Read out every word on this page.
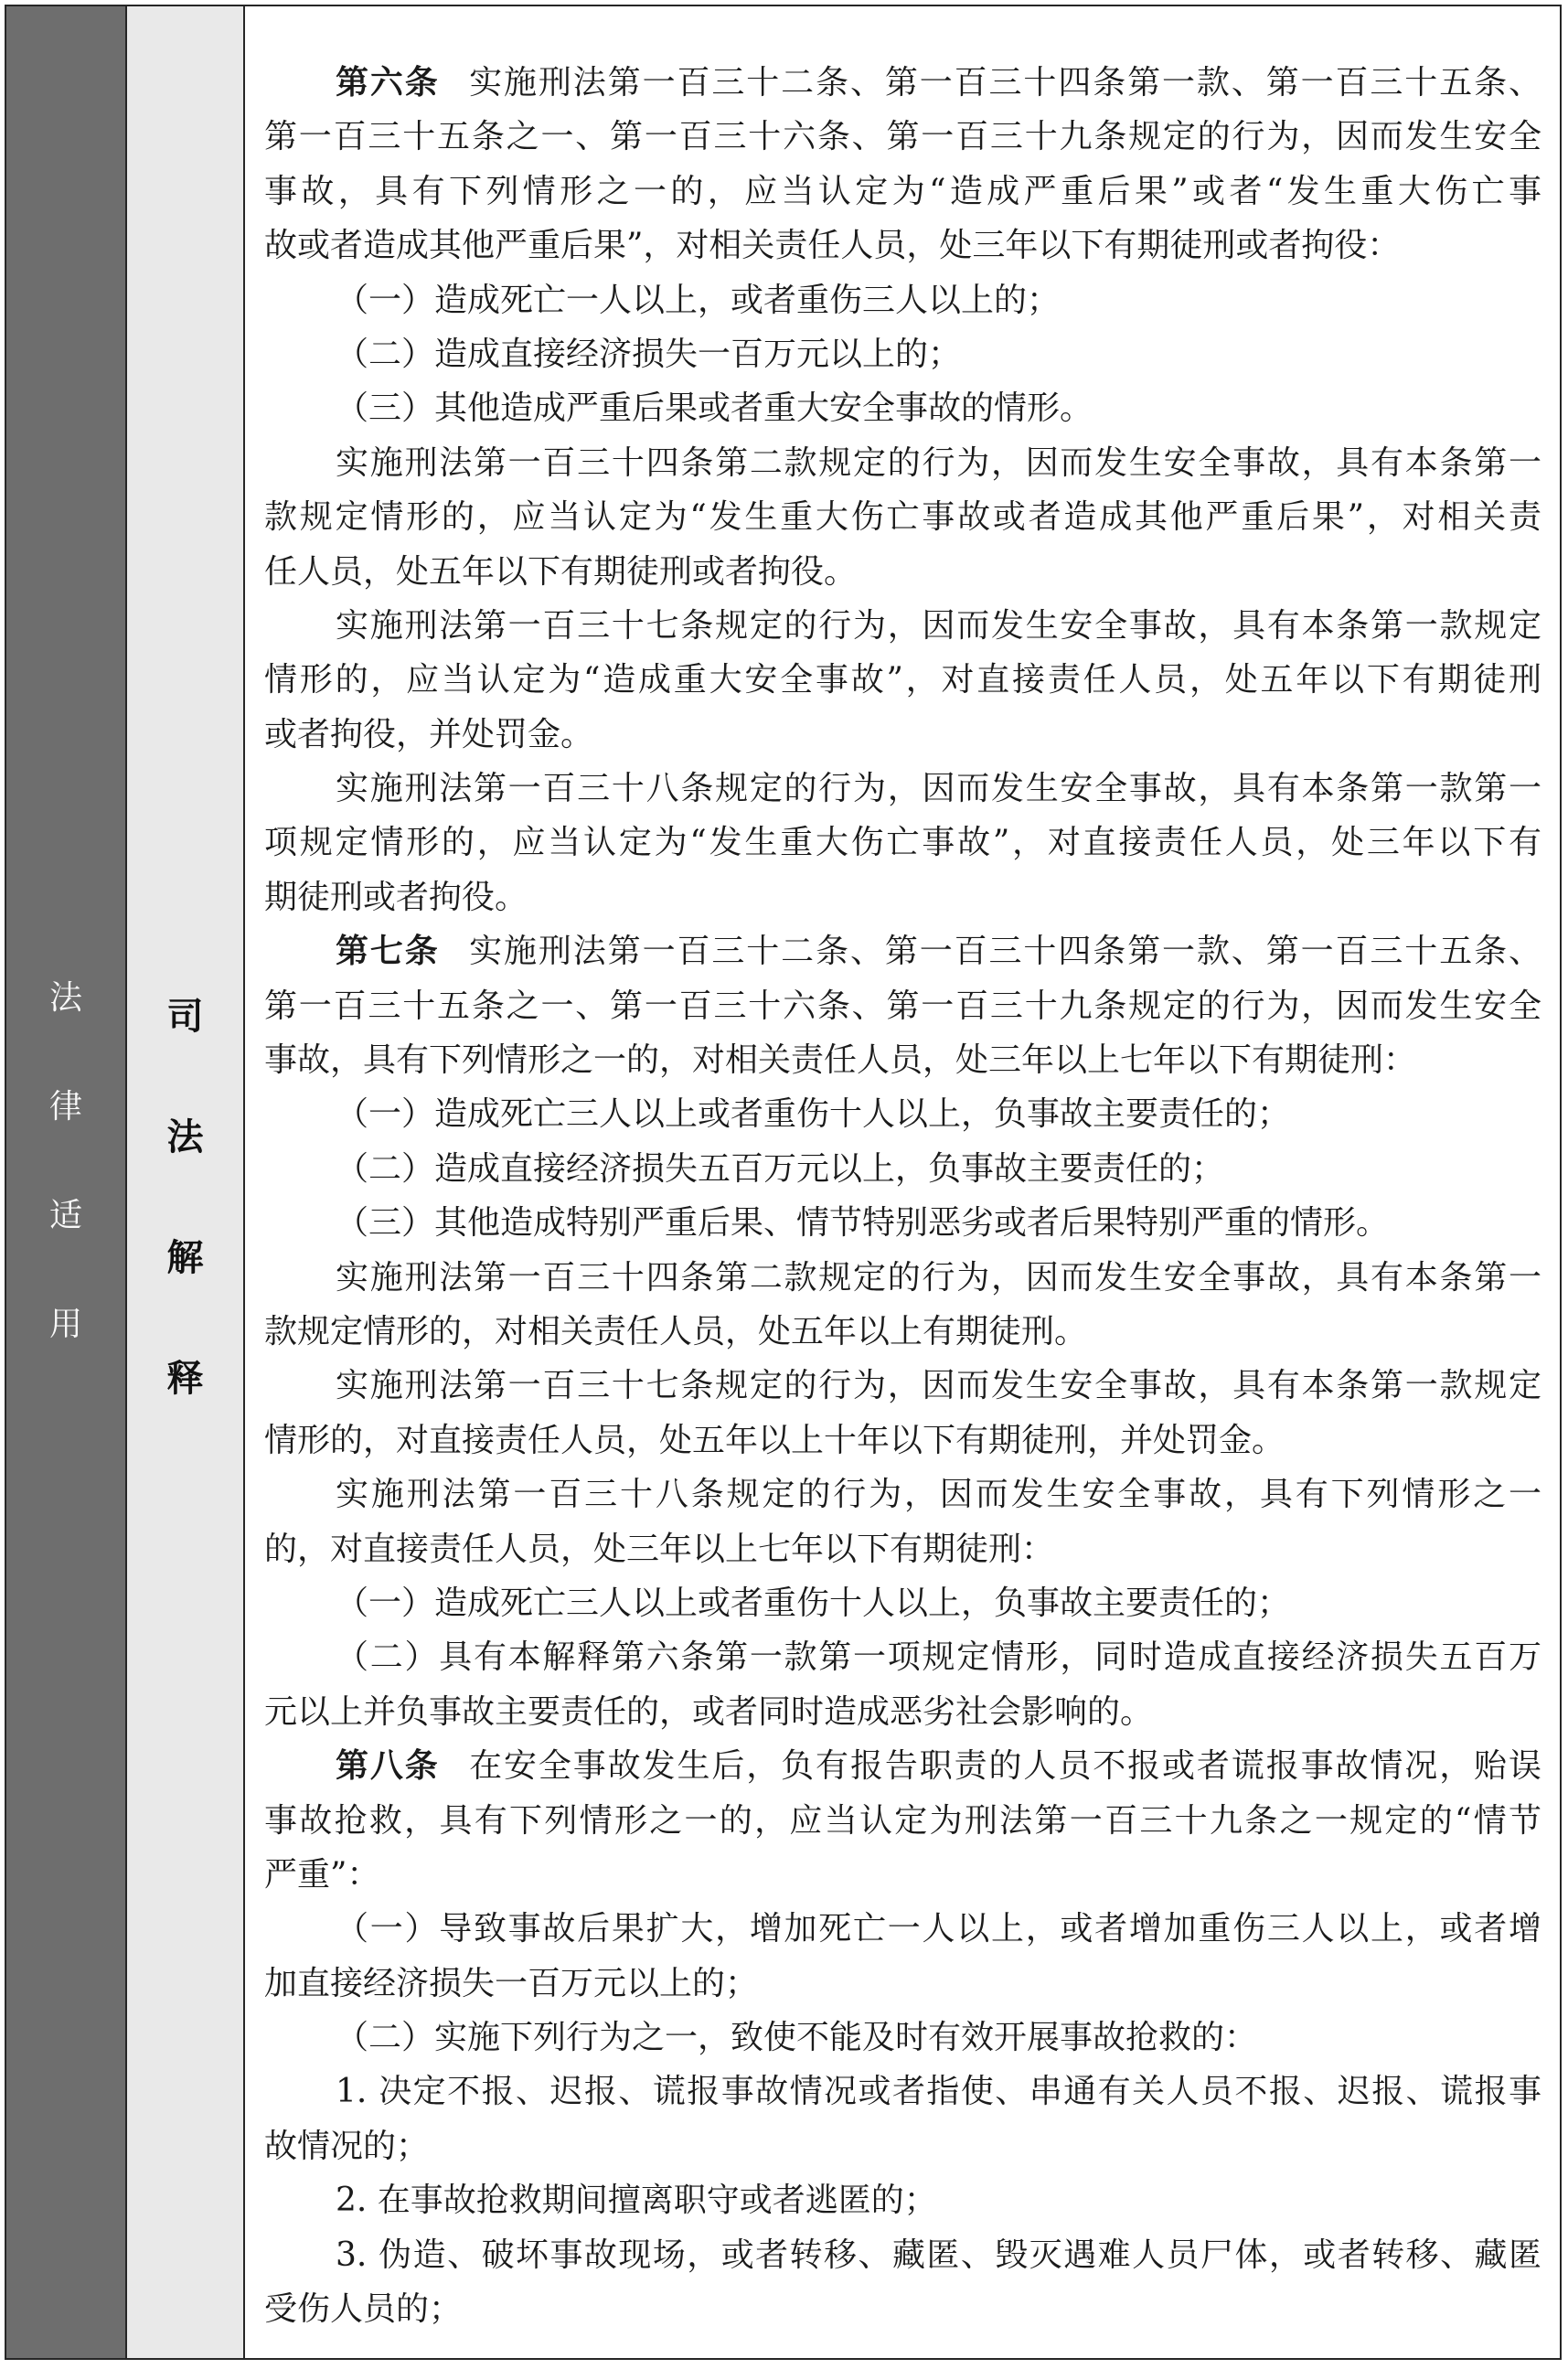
法律适用
司法解释
第六条 实施刑法第一百三十二条、第一百三十四条第一款、第一百三十五条、
第一百三十五条之一、第一百三十六条、第一百三十九条规定的行为，因而发生安全
事故，具有下列情形之一的，应当认定为“造成严重后果”或者“发生重大伤亡事
故或者造成其他严重后果”，对相关责任人员，处三年以下有期徒刑或者拘役：
（一）造成死亡一人以上，或者重伤三人以上的；
（二）造成直接经济损失一百万元以上的；
（三）其他造成严重后果或者重大安全事故的情形。
实施刑法第一百三十四条第二款规定的行为，因而发生安全事故，具有本条第一
款规定情形的，应当认定为“发生重大伤亡事故或者造成其他严重后果”，对相关责
任人员，处五年以下有期徒刑或者拘役。
实施刑法第一百三十七条规定的行为，因而发生安全事故，具有本条第一款规定
情形的，应当认定为“造成重大安全事故”，对直接责任人员，处五年以下有期徒刑
或者拘役，并处罚金。
实施刑法第一百三十八条规定的行为，因而发生安全事故，具有本条第一款第一
项规定情形的，应当认定为“发生重大伤亡事故”，对直接责任人员，处三年以下有
期徒刑或者拘役。
第七条 实施刑法第一百三十二条、第一百三十四条第一款、第一百三十五条、
第一百三十五条之一、第一百三十六条、第一百三十九条规定的行为，因而发生安全
事故，具有下列情形之一的，对相关责任人员，处三年以上七年以下有期徒刑：
（一）造成死亡三人以上或者重伤十人以上，负事故主要责任的；
（二）造成直接经济损失五百万元以上，负事故主要责任的；
（三）其他造成特别严重后果、情节特别恶劣或者后果特别严重的情形。
实施刑法第一百三十四条第二款规定的行为，因而发生安全事故，具有本条第一
款规定情形的，对相关责任人员，处五年以上有期徒刑。
实施刑法第一百三十七条规定的行为，因而发生安全事故，具有本条第一款规定
情形的，对直接责任人员，处五年以上十年以下有期徒刑，并处罚金。
实施刑法第一百三十八条规定的行为，因而发生安全事故，具有下列情形之一
的，对直接责任人员，处三年以上七年以下有期徒刑：
（一）造成死亡三人以上或者重伤十人以上，负事故主要责任的；
（二）具有本解释第六条第一款第一项规定情形，同时造成直接经济损失五百万
元以上并负事故主要责任的，或者同时造成恶劣社会影响的。
第八条 在安全事故发生后，负有报告职责的人员不报或者谎报事故情况，贻误
事故抢救，具有下列情形之一的，应当认定为刑法第一百三十九条之一规定的“情节
严重”：
（一）导致事故后果扩大，增加死亡一人以上，或者增加重伤三人以上，或者增
加直接经济损失一百万元以上的；
（二）实施下列行为之一，致使不能及时有效开展事故抢救的：
1. 决定不报、迟报、谎报事故情况或者指使、串通有关人员不报、迟报、谎报事
故情况的；
2. 在事故抢救期间擅离职守或者逃匿的；
3. 伪造、破坏事故现场，或者转移、藏匿、毁灭遇难人员尸体，或者转移、藏匿
受伤人员的；
